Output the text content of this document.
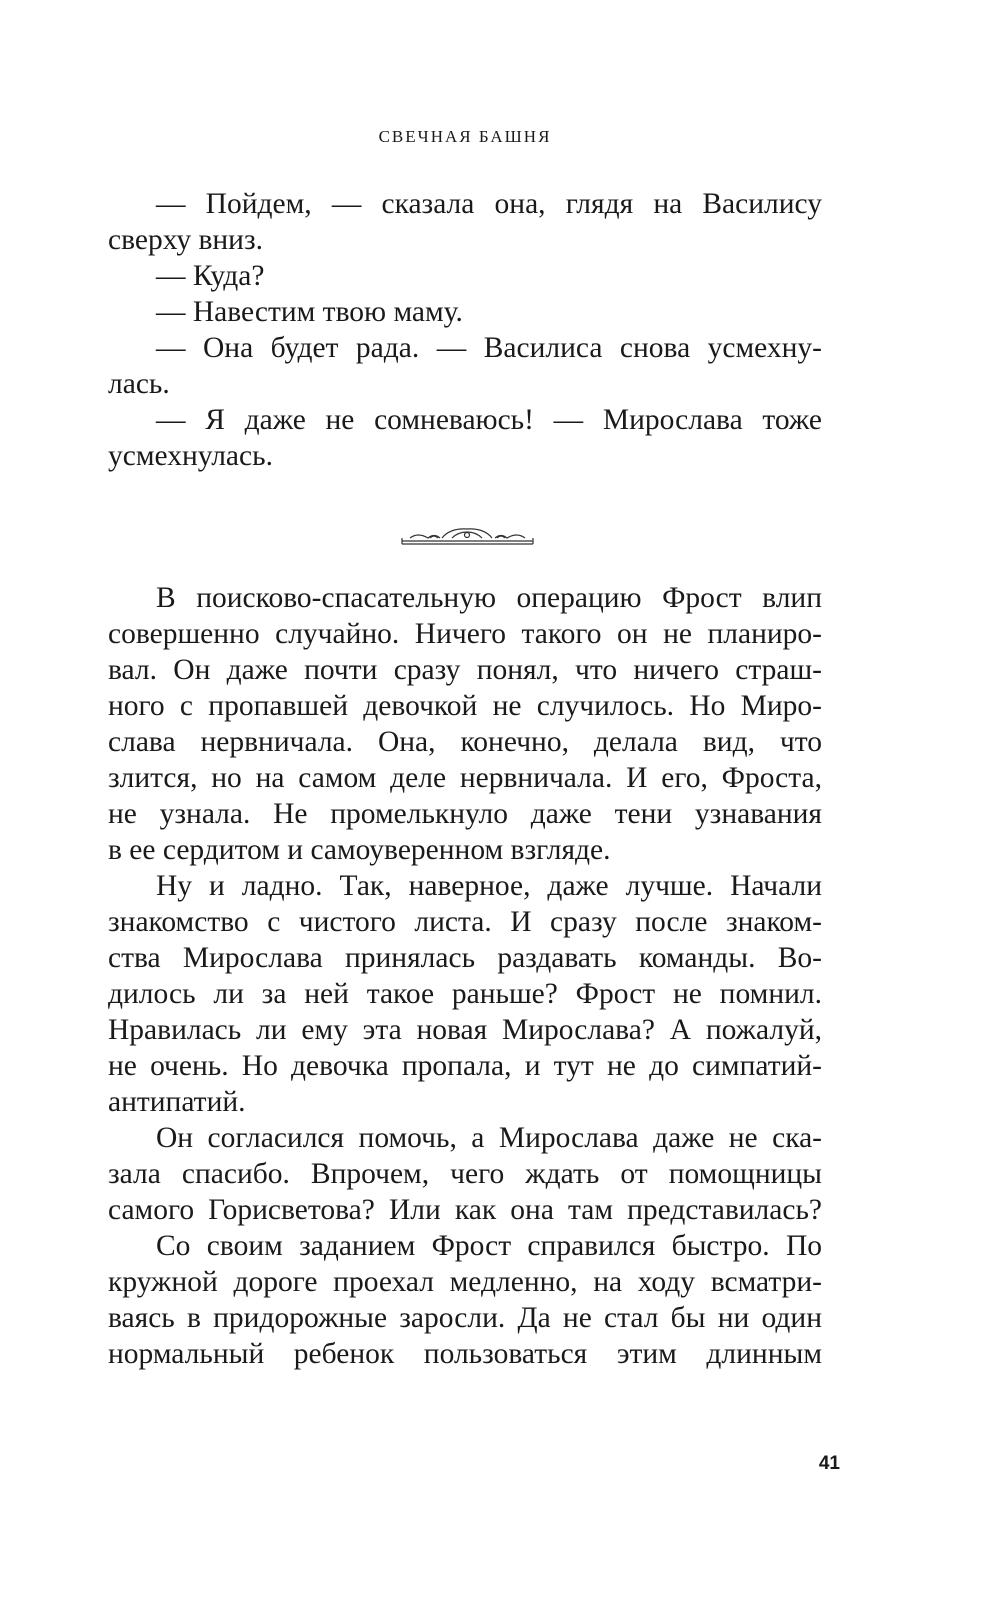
СВЕЧНАЯ БАШНЯ
— Пойдем, — сказала она, глядя на Василису
сверху вниз.
— Куда?
— Навестим твою маму.
— Она будет рада. — Василиса снова усмехну-
лась.
— Я даже не сомневаюсь! — Мирослава тоже
усмехнулась.
В поисково-спасательную операцию Фрост влип
совершенно случайно. Ничего такого он не планиро-
вал. Он даже почти сразу понял, что ничего страш-
ного с пропавшей девочкой не случилось. Но Миро-
слава нервничала. Она, конечно, делала вид, что
злится, но на самом деле нервничала. И его, Фроста,
не узнала. Не промелькнуло даже тени узнавания
в ее сердитом и самоуверенном взгляде.
Ну и ладно. Так, наверное, даже лучше. Начали
знакомство с чистого листа. И сразу после знаком-
ства Мирослава принялась раздавать команды. Во-
дилось ли за ней такое раньше? Фрост не помнил.
Нравилась ли ему эта новая Мирослава? А пожалуй,
не очень. Но девочка пропала, и тут не до симпатий-
антипатий.
Он согласился помочь, а Мирослава даже не ска-
зала спасибо. Впрочем, чего ждать от помощницы
самого Горисветова? Или как она там представилась?
Со своим заданием Фрост справился быстро. По
кружной дороге проехал медленно, на ходу всматри-
ваясь в придорожные заросли. Да не стал бы ни один
нормальный ребенок пользоваться этим длинным
41
